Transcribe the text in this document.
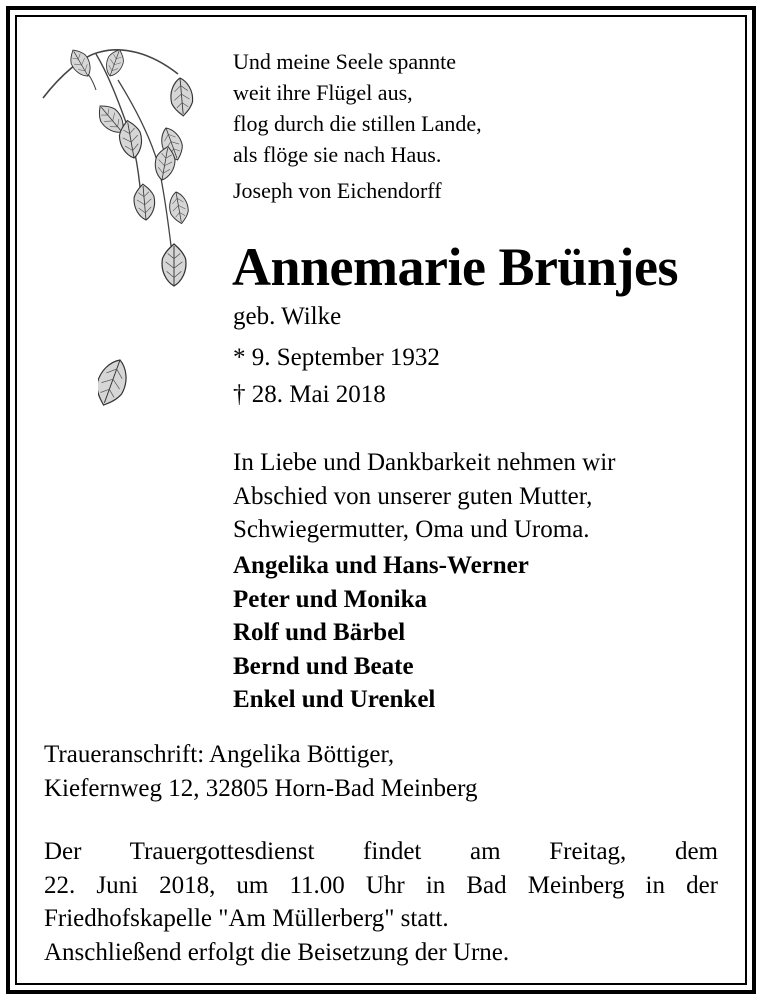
Und meine Seele spannte
weit ihre Flügel aus,
flog durch die stillen Lande,
als flöge sie nach Haus.
Joseph von Eichendorff
Annemarie Brünjes
geb. Wilke
* 9. September 1932
† 28. Mai 2018
In Liebe und Dankbarkeit nehmen wir
Abschied von unserer guten Mutter,
Schwiegermutter, Oma und Uroma.
Angelika und Hans-Werner
Peter und Monika
Rolf und Bärbel
Bernd und Beate
Enkel und Urenkel
Traueranschrift: Angelika Böttiger,
Kiefernweg 12, 32805 Horn-Bad Meinberg
Der Trauergottesdienst findet am Freitag, dem
22. Juni 2018, um 11.00 Uhr in Bad Meinberg in der
Friedhofskapelle "Am Müllerberg" statt.
Anschließend erfolgt die Beisetzung der Urne.
